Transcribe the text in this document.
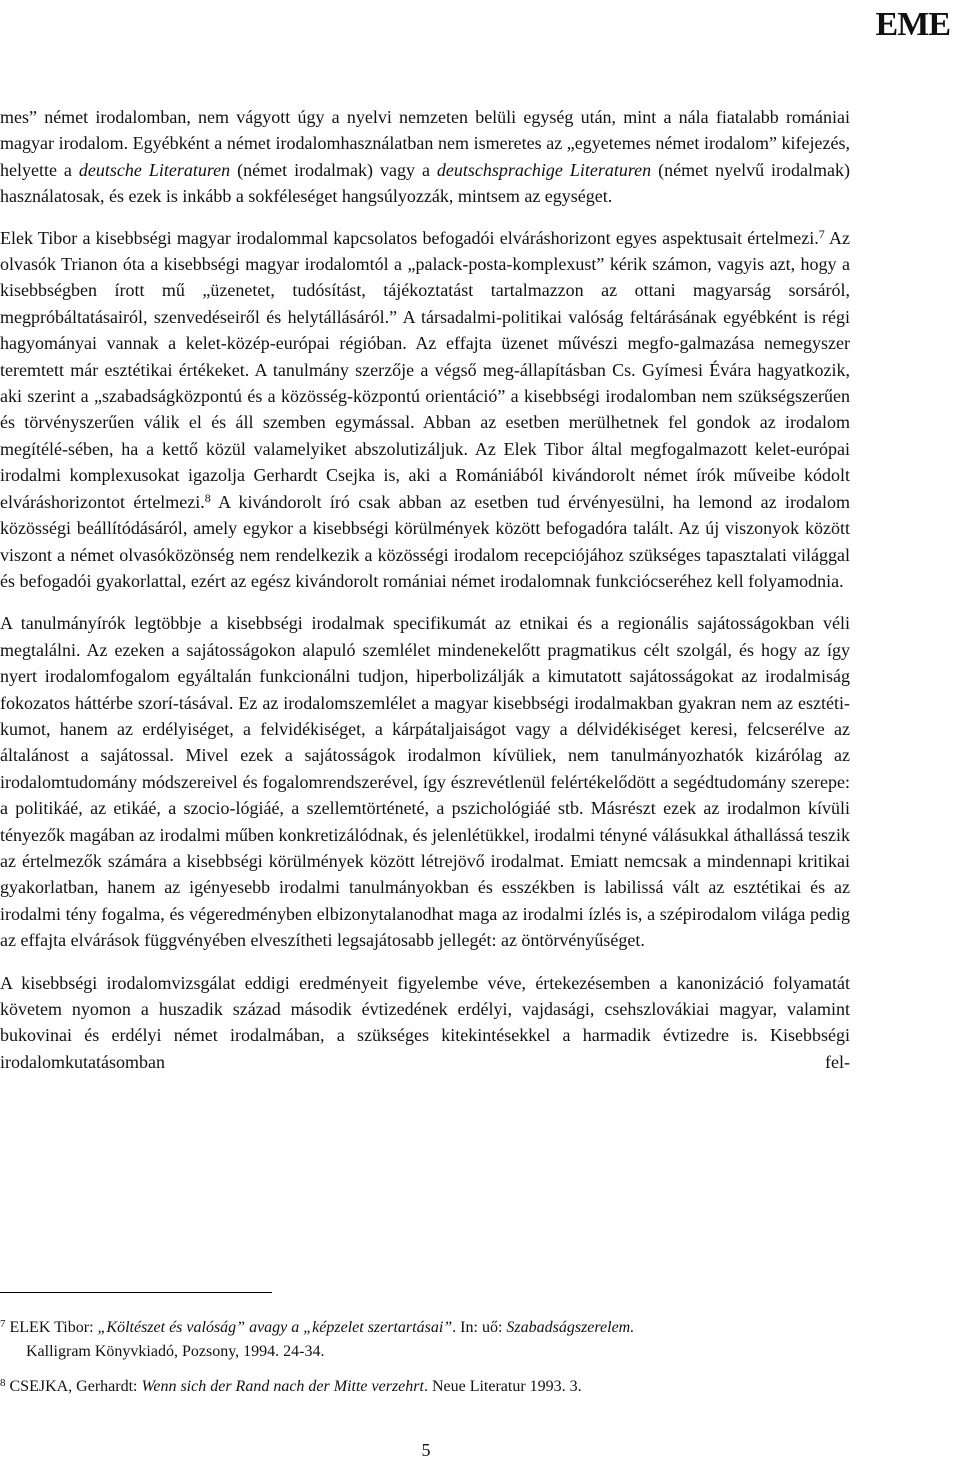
EME

mes” német irodalomban, nem vágyott úgy a nyelvi nemzeten belüli egység után, mint a nála fiatalabb romániai magyar irodalom. Egyébként a német irodalomhasználatban nem ismeretes az „egyetemes német irodalom” kifejezés, helyette a deutsche Literaturen (német irodalmak) vagy a deutschsprachige Literaturen (német nyelvű irodalmak) használatosak, és ezek is inkább a sokféleséget hangsúlyozzák, mintsem az egységet.

Elek Tibor a kisebbségi magyar irodalommal kapcsolatos befogadói elváráshorizont egyes aspektusait értelmezi.$^7$ Az olvasók Trianon óta a kisebbségi magyar irodalomtól a „palack-posta-komplexust” kérik számon, vagyis azt, hogy a kisebbségben írott mű „üzenetet, tudósítást, tájékoztatást tartalmazzon az ottani magyarság sorsáról, megpróbáltatásairól, szenvedéseiről és helytállásáról.” A társadalmi-politikai valóság feltárásának egyébként is régi hagyományai vannak a kelet-közép-európai régióban. Az effajta üzenet művészi megfo-galmazása nemegyszer teremtett már esztétikai értékeket. A tanulmány szerzője a végső meg-állapításban Cs. Gyímesi Évára hagyatkozik, aki szerint a „szabadságközpontú és a közösség-központú orientáció” a kisebbségi irodalomban nem szükségszerűen és törvényszerűen válik el és áll szemben egymással. Abban az esetben merülhetnek fel gondok az irodalom megítélé-sében, ha a kettő közül valamelyiket abszolutizáljuk. Az Elek Tibor által megfogalmazott kelet-európai irodalmi komplexusokat igazolja Gerhardt Csejka is, aki a Romániából kivándorolt német írók műveibe kódolt elváráshorizontot értelmezi.$^8$ A kivándorolt író csak abban az esetben tud érvényesülni, ha lemond az irodalom közösségi beállítódásáról, amely egykor a kisebbségi körülmények között befogadóra talált. Az új viszonyok között viszont a német olvasóközönség nem rendelkezik a közösségi irodalom recepciójához szükséges tapasztalati világgal és befogadói gyakorlattal, ezért az egész kivándorolt romániai német irodalomnak funkciócseréhez kell folyamodnia.

A tanulmányírók legtöbbje a kisebbségi irodalmak specifikumát az etnikai és a regionális sajátosságokban véli megtalálni. Az ezeken a sajátosságokon alapuló szemlélet mindenekelőtt pragmatikus célt szolgál, és hogy az így nyert irodalomfogalom egyáltalán funkcionálni tudjon, hiperbolizálják a kimutatott sajátosságokat az irodalmiság fokozatos háttérbe szorí-tásával. Ez az irodalomszemlélet a magyar kisebbségi irodalmakban gyakran nem az esztéti-kumot, hanem az erdélyiséget, a felvidékiséget, a kárpátaljaiságot vagy a délvidékiséget keresi, felcserélve az általánost a sajátossal. Mivel ezek a sajátosságok irodalmon kívüliek, nem tanulmányozhatók kizárólag az irodalomtudomány módszereivel és fogalomrendszerével, így észrevétlenül felértékelődött a segédtudomány szerepe: a politikáé, az etikáé, a szocio-lógiáé, a szellemtörténeté, a pszichológiáé stb. Másrészt ezek az irodalmon kívüli tényezők magában az irodalmi műben konkretizálódnak, és jelenlétükkel, irodalmi tényné válásukkal áthallássá teszik az értelmezők számára a kisebbségi körülmények között létrejövő irodalmat. Emiatt nemcsak a mindennapi kritikai gyakorlatban, hanem az igényesebb irodalmi tanulmányokban és esszékben is labilissá vált az esztétikai és az irodalmi tény fogalma, és végeredményben elbizonytalanodhat maga az irodalmi ízlés is, a szépirodalom világa pedig az effajta elvárások függvényében elveszítheti legsajátosabb jellegét: az öntörvényűséget.

A kisebbségi irodalomvizsgálat eddigi eredményeit figyelembe véve, értekezésemben a kanonizáció folyamatát követem nyomon a huszadik század második évtizedének erdélyi, vajdasági, csehszlovákiai magyar, valamint bukovinai és erdélyi német irodalmában, a szükséges kitekintésekkel a harmadik évtizedre is. Kisebbségi irodalomkutatásomban fel-

$^7$ ELEK Tibor: „Költészet és valóság” avagy a „képzelet szertartásai”. In: uő: Szabadságszerelem.
Kalligram Könyvkiadó, Pozsony, 1994. 24-34.
$^8$ CSEJKA, Gerhardt: Wenn sich der Rand nach der Mitte verzehrt. Neue Literatur 1993. 3.
5
